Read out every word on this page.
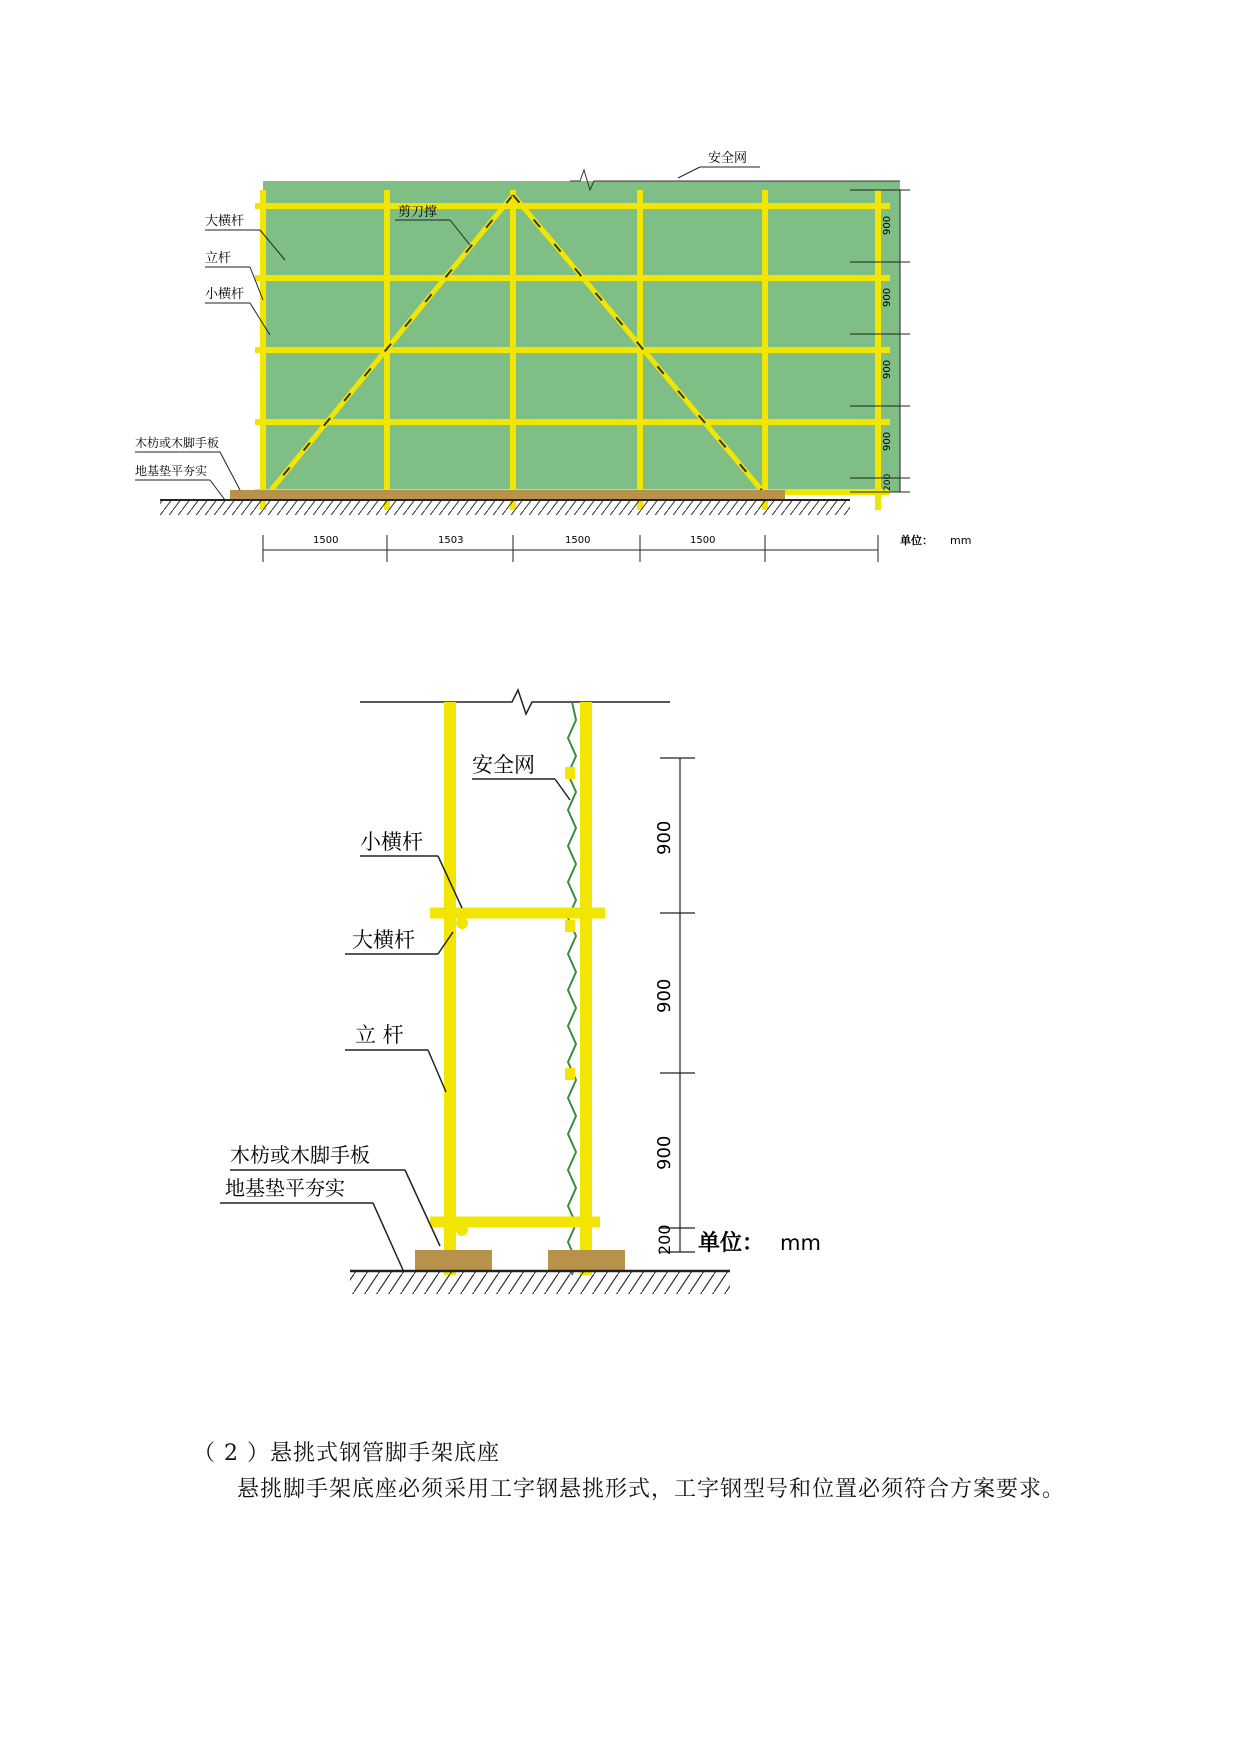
大横杆
立杆
小横杆
木枋或木脚手板
地基垫平夯实
安全网
剪刀撑
900
900
900
900
200
1500	1503	1500	1500	单位： mm
安全网
小横杆
大横杆
立 杆
木枋或木脚手板
地基垫平夯实
900
900
900
200 单位： mm

（ 2 ）悬挑式钢管脚手架底座

悬挑脚手架底座必须采用工字钢悬挑形式，工字钢型号和位置必须符合方案要求。
